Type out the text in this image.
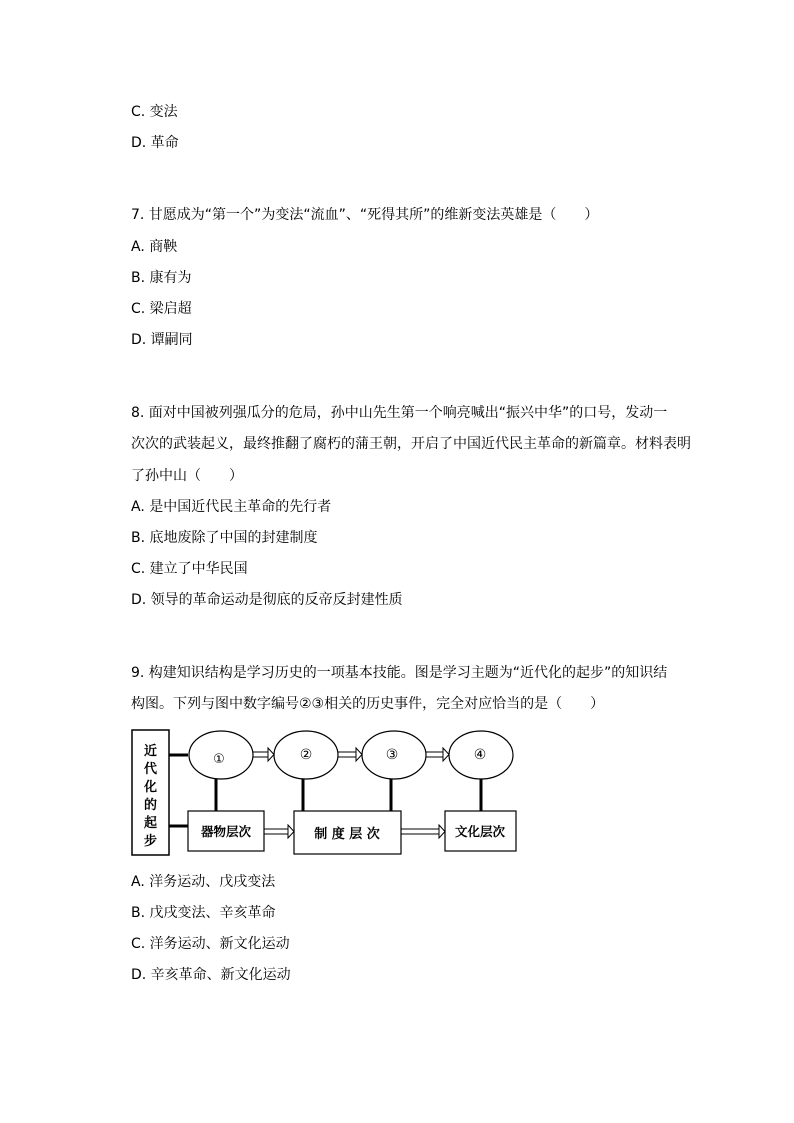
C. 变法
D. 革命
7. 甘愿成为“第一个”为变法“流血”、“死得其所”的维新变法英雄是（　　）
A. 商鞅
B. 康有为
C. 梁启超
D. 谭嗣同
8. 面对中国被列强瓜分的危局，孙中山先生第一个响亮喊出“振兴中华”的口号，发动一
次次的武装起义，最终推翻了腐朽的蒲王朝，开启了中国近代民主革命的新篇章。材料表明
了孙中山（　　）
A. 是中国近代民主革命的先行者
B. 底地废除了中国的封建制度
C. 建立了中华民国
D. 领导的革命运动是彻底的反帝反封建性质
9. 构建知识结构是学习历史的一项基本技能。图是学习主题为“近代化的起步”的知识结
构图。下列与图中数字编号②③相关的历史事件，完全对应恰当的是（　　）
近
代
化
的
起
步
①	②	③	④
器物层次	制 度 层 次	文化层次
A. 洋务运动、戊戌变法
B. 戊戌变法、辛亥革命
C. 洋务运动、新文化运动
D. 辛亥革命、新文化运动
